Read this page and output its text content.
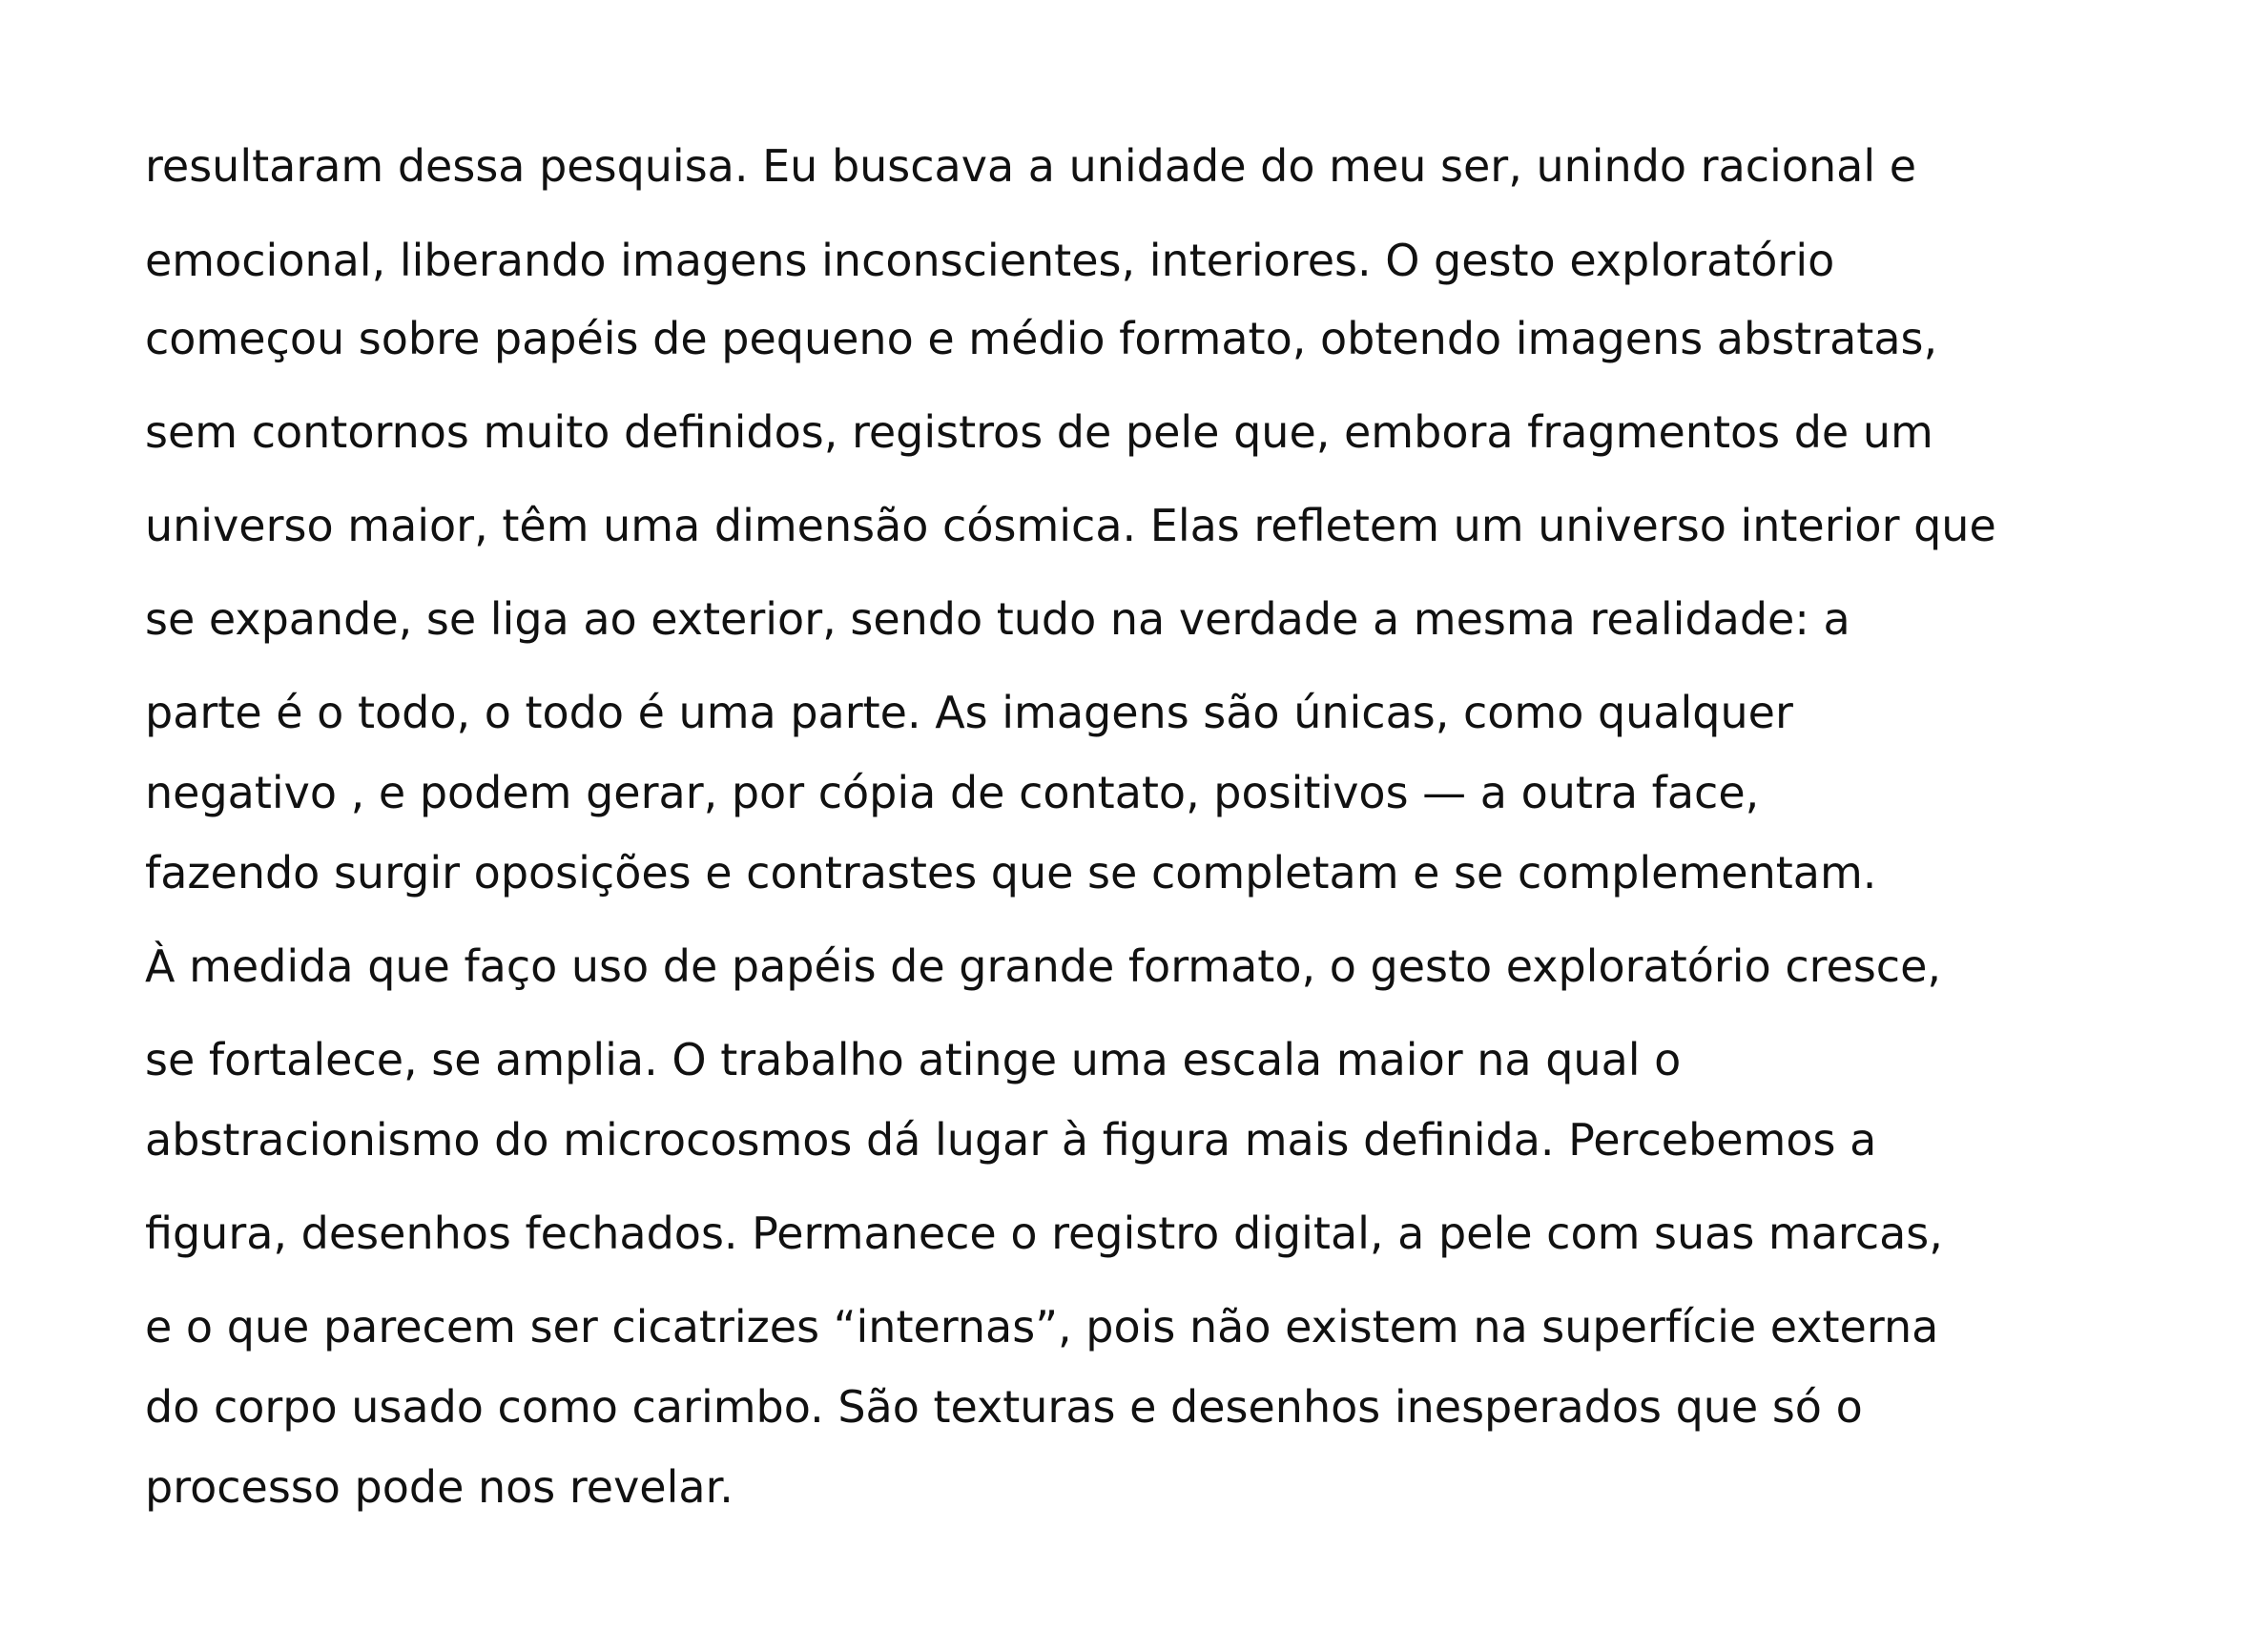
resultaram dessa pesquisa. Eu buscava a unidade do meu ser, unindo racional e

emocional, liberando imagens inconscientes, interiores. O gesto exploratório

começou sobre papéis de pequeno e médio formato, obtendo imagens abstratas,

sem contornos muito definidos, registros de pele que, embora fragmentos de um

universo maior, têm uma dimensão cósmica. Elas refletem um universo interior que

se expande, se liga ao exterior, sendo tudo na verdade a mesma realidade: a

parte é o todo, o todo é uma parte. As imagens são únicas, como qualquer

negativo , e podem gerar, por cópia de contato, positivos — a outra face,

fazendo surgir oposições e contrastes que se completam e se complementam.

À medida que faço uso de papéis de grande formato, o gesto exploratório cresce,

se fortalece, se amplia. O trabalho atinge uma escala maior na qual o

abstracionismo do microcosmos dá lugar à figura mais definida. Percebemos a

figura, desenhos fechados. Permanece o registro digital, a pele com suas marcas,

e o que parecem ser cicatrizes “internas”, pois não existem na superfície externa

do corpo usado como carimbo. São texturas e desenhos inesperados que só o

processo pode nos revelar.
